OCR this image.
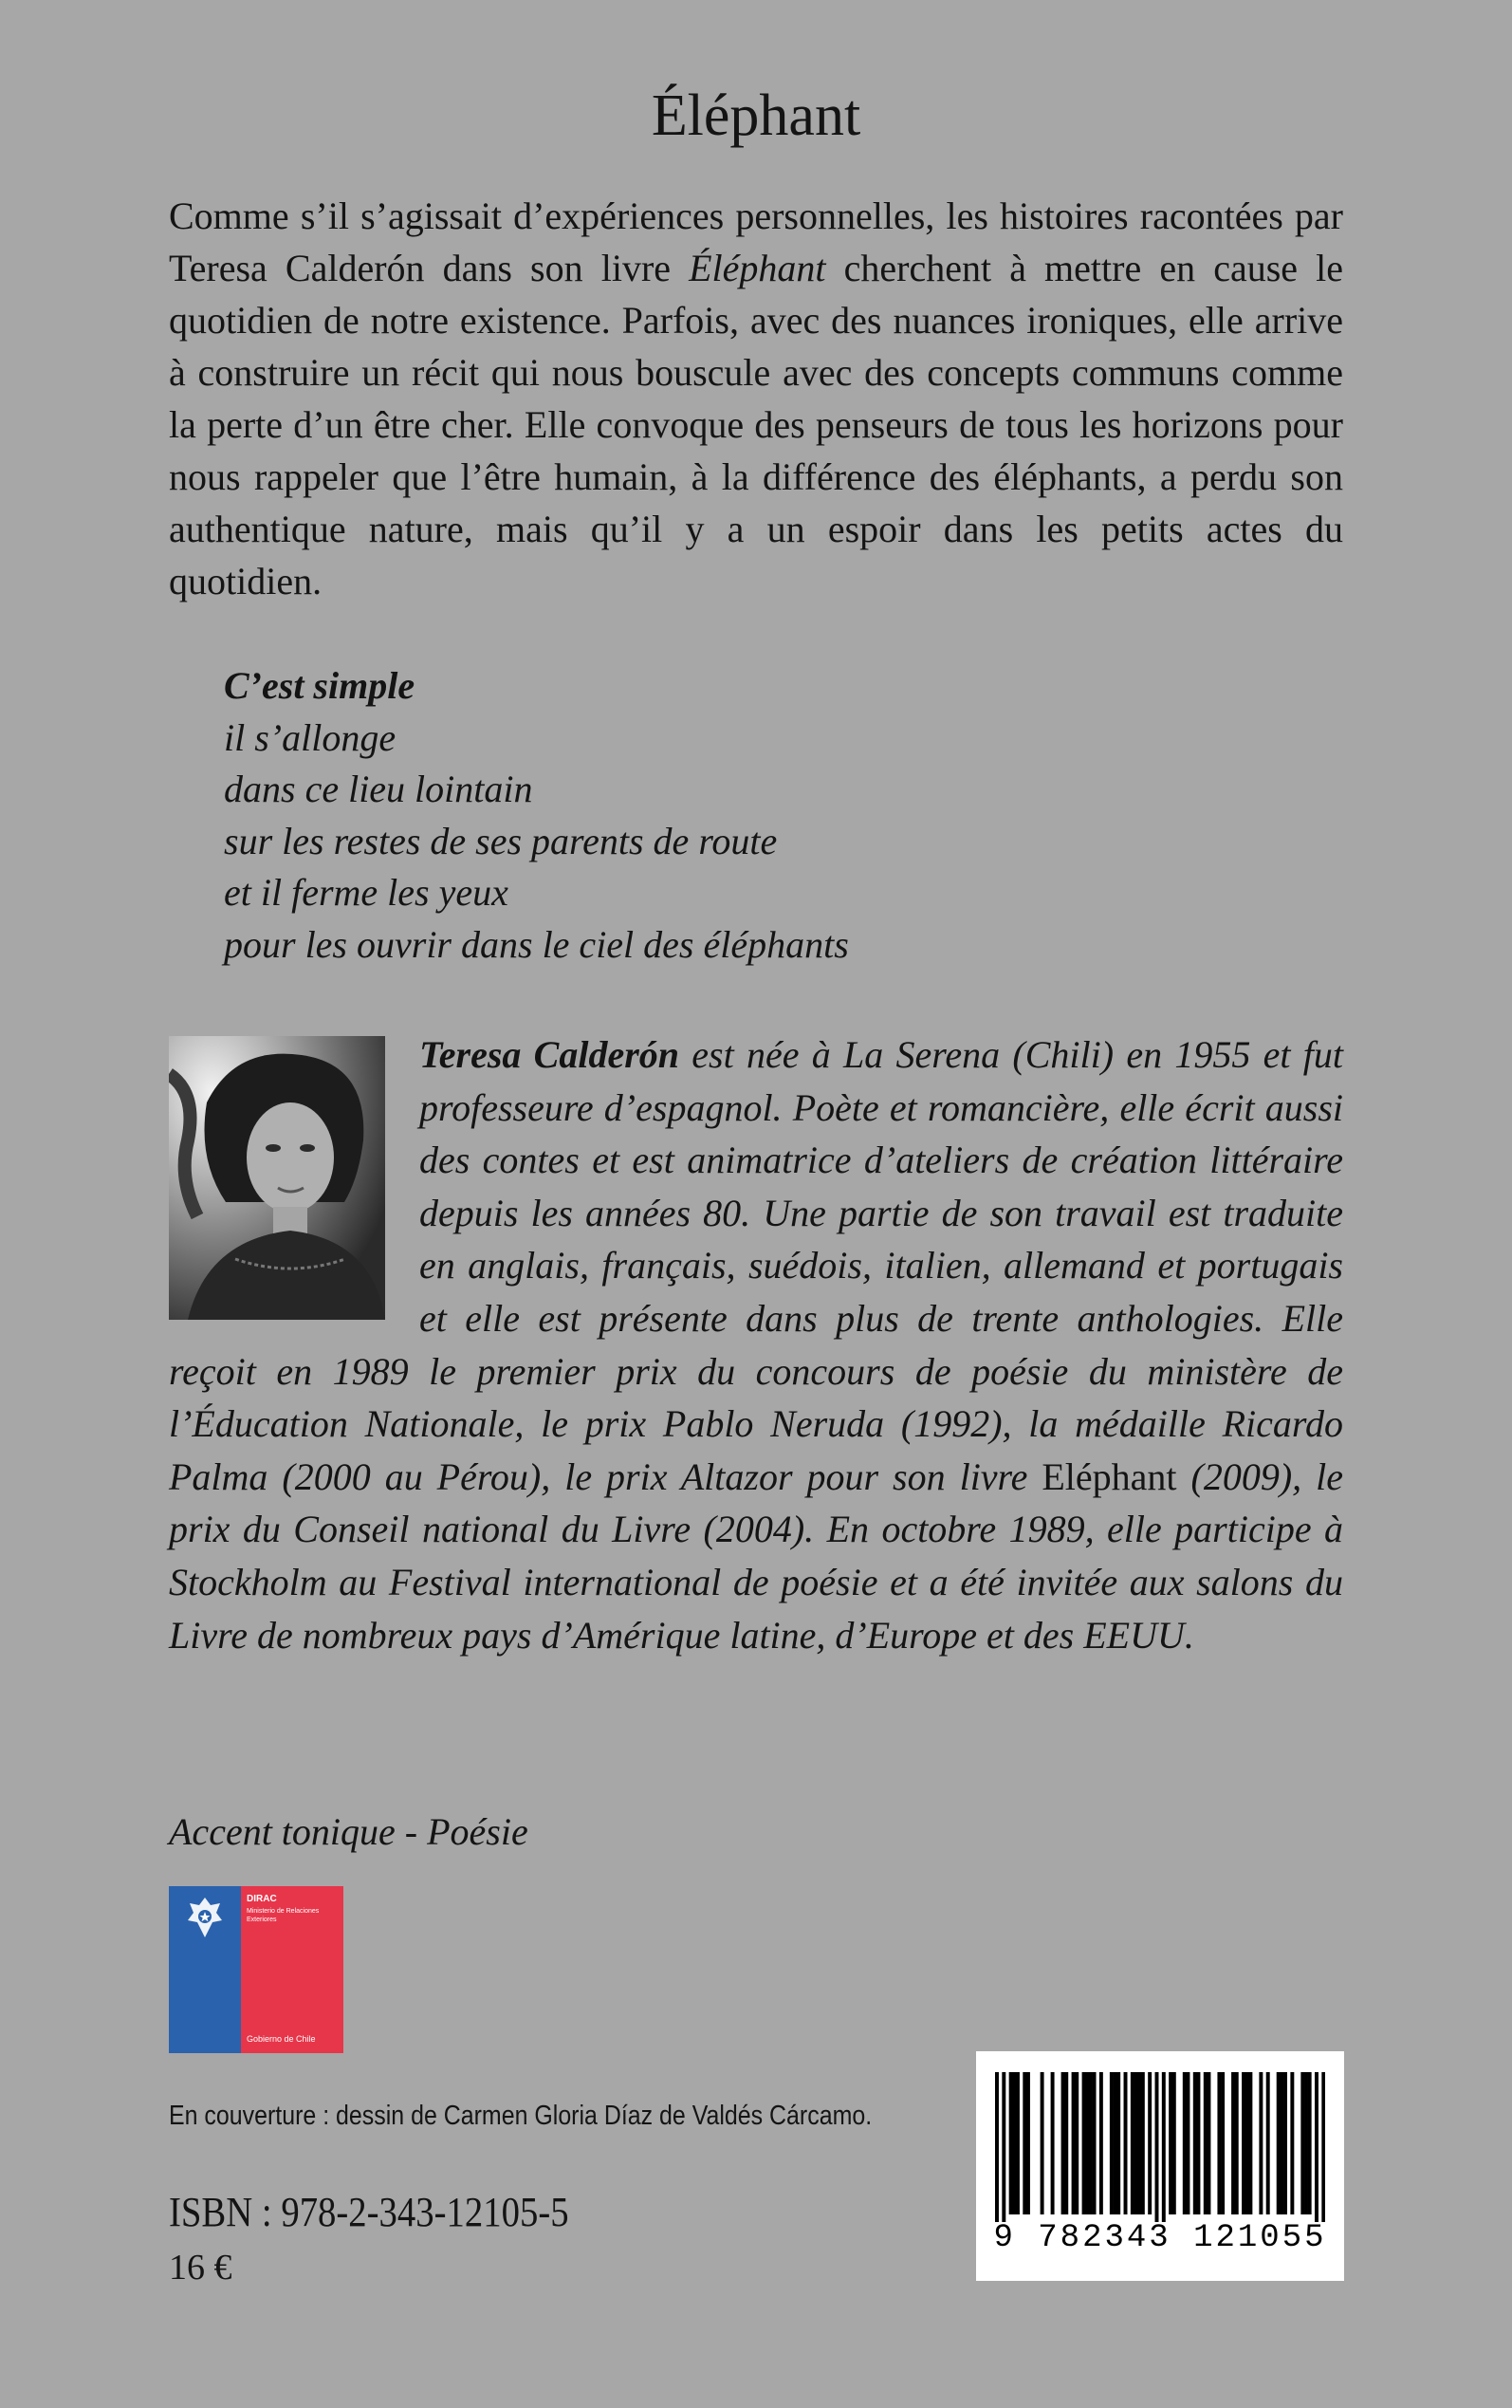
Éléphant

Comme s’il s’agissait d’expériences personnelles, les histoires racontées par Teresa Calderón dans son livre Éléphant cherchent à mettre en cause le quotidien de notre existence. Parfois, avec des nuances ironiques, elle arrive à construire un récit qui nous bouscule avec des concepts communs comme la perte d’un être cher. Elle convoque des penseurs de tous les horizons pour nous rappeler que l’être humain, à la différence des éléphants, a perdu son authentique nature, mais qu’il y a un espoir dans les petits actes du quotidien.

C’est simple
il s’allonge
dans ce lieu lointain
sur les restes de ses parents de route
et il ferme les yeux
pour les ouvrir dans le ciel des éléphants

Teresa Calderón est née à La Serena (Chili) en 1955 et fut professeure d’espagnol. Poète et romancière, elle écrit aussi des contes et est animatrice d’ateliers de création littéraire depuis les années 80. Une partie de son travail est traduite en anglais, français, suédois, italien, allemand et portugais et elle est présente dans plus de trente anthologies. Elle reçoit en 1989 le premier prix du concours de poésie du ministère de l’Éducation Nationale, le prix Pablo Neruda (1992), la médaille Ricardo Palma (2000 au Pérou), le prix Altazor pour son livre Eléphant (2009), le prix du Conseil national du Livre (2004). En octobre 1989, elle participe à Stockholm au Festival international de poésie et a été invitée aux salons du Livre de nombreux pays d’Amérique latine, d’Europe et des EEUU.

Accent tonique - Poésie
DIRAC
Ministerio de Relaciones Exteriores
Gobierno de Chile
En couverture : dessin de Carmen Gloria Díaz de Valdés Cárcamo.
ISBN : 978-2-343-12105-5
16 €
9 782343 121055
